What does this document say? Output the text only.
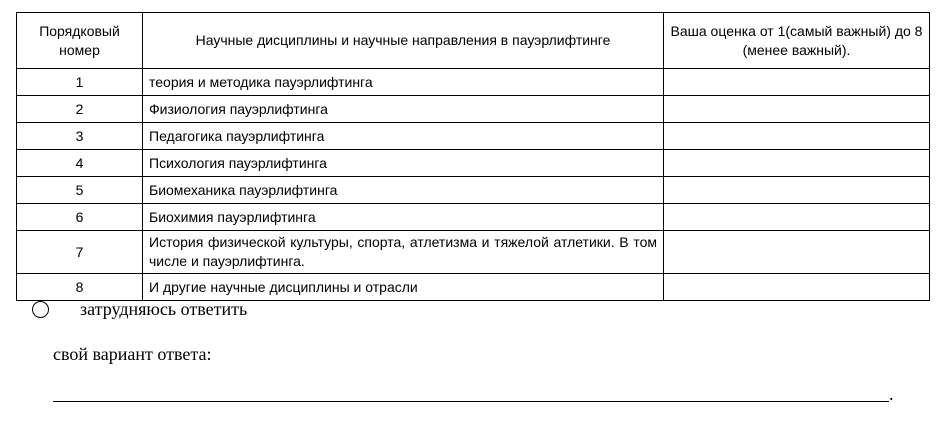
Порядковый номер	Научные дисциплины и научные направления в пауэрлифтинге	Ваша оценка от 1(самый важный) до 8 (менее важный).
1	теория и методика пауэрлифтинга	
2	Физиология пауэрлифтинга	
3	Педагогика пауэрлифтинга	
4	Психология пауэрлифтинга	
5	Биомеханика пауэрлифтинга	
6	Биохимия пауэрлифтинга	
7	История физической культуры, спорта, атлетизма и тяжелой атлетики. В том числе и пауэрлифтинга.	
8	И другие научные дисциплины и отрасли	
затрудняюсь ответить
свой вариант ответа:
.
